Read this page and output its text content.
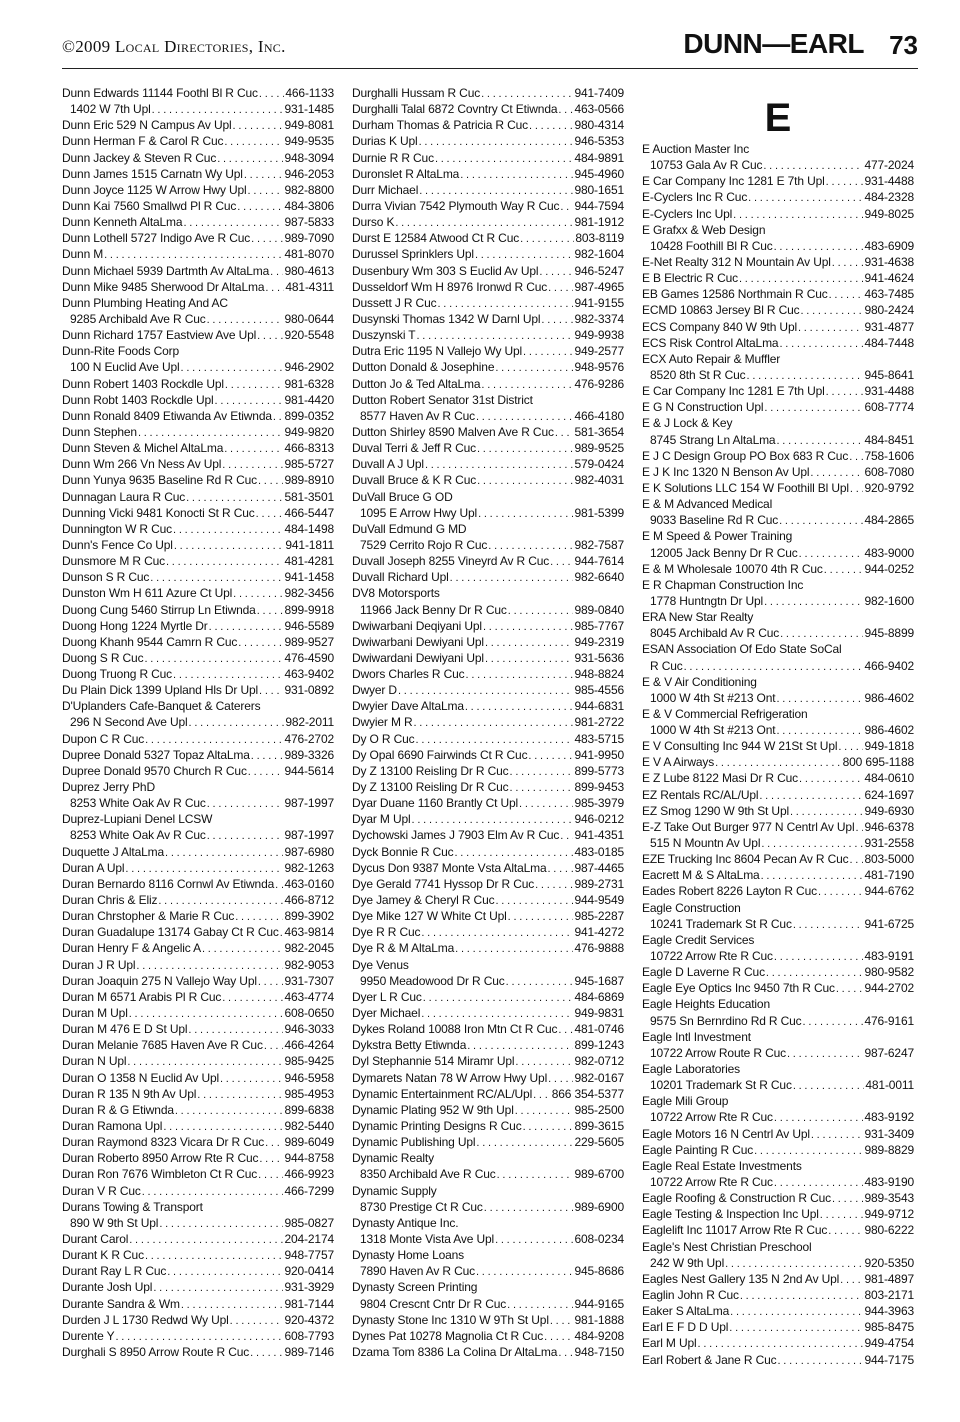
©2009 Local Directories, Inc.	DUNN—EARL 73
Dunn Edwards 11144 Foothl Bl R Cuc . . . 466-1133
1402 W 7th Upl . . .	931-1485
Dunn Eric 529 N Campus Av Upl . . .	949-8081
Dunn Herman F & Carol R Cuc . . .	949-9535
Dunn Jackey & Steven R Cuc . . .	948-3094
Dunn James 1515 Carnatn Wy Upl . . .	946-2053
Dunn Joyce 1125 W Arrow Hwy Upl . . .	982-8800
Dunn Kai 7560 Smallwd Pl R Cuc . . .	484-3806
Dunn Kenneth AltaLma . . .	987-5833
Dunn Lothell 5727 Indigo Ave R Cuc . . .	989-7090
Dunn M . . .	481-8070
Dunn Michael 5939 Dartmth Av AltaLma . . . 980-4613
Dunn Mike 9485 Sherwood Dr AltaLma . . . 481-4311
Dunn Plumbing Heating And AC
9285 Archibald Ave R Cuc . . .	980-0644
Dunn Richard 1757 Eastview Ave Upl . . . 920-5548
Dunn-Rite Foods Corp
100 N Euclid Ave Upl . . .	946-2902
Dunn Robert 1403 Rockdle Upl . . .	981-6328
Dunn Robt 1403 Rockdle Upl . . .	981-4420
Dunn Ronald 8409 Etiwanda Av Etiwnda . . . 899-0352
Dunn Stephen . . .	949-9820
Dunn Steven & Michel AltaLma . . .	466-8313
Dunn Wm 266 Vn Ness Av Upl . . .	985-5727
Dunn Yunya 9635 Baseline Rd R Cuc . . . 989-8910
Dunnagan Laura R Cuc . . .	581-3501
Dunning Vicki 9481 Konocti St R Cuc . . . 466-5447
Dunnington W R Cuc . . .	484-1498
Dunn's Fence Co Upl . . .	941-1811
Dunsmore M R Cuc . . .	481-4281
Dunson S R Cuc . . .	941-1458
Dunston Wm H 611 Azure Ct Upl . . .	982-3456
Duong Cung 5460 Stirrup Ln Etiwnda . . . 899-9918
Duong Hong 1224 Myrtle Dr . . .	946-5589
Duong Khanh 9544 Camrn R Cuc . . .	989-9527
Duong S R Cuc . . .	476-4590
Duong Truong R Cuc . . .	463-9402
Du Plain Dick 1399 Upland Hls Dr Upl . . . 931-0892
D'Uplanders Cafe-Banquet & Caterers
296 N Second Ave Upl . . .	982-2011
Dupon C R Cuc . . .	476-2702
Dupree Donald 5327 Topaz AltaLma . . .	989-3326
Dupree Donald 9570 Church R Cuc . . .	944-5614
Duprez Jerry PhD
8253 White Oak Av R Cuc . . .	987-1997
Duprez-Lupiani Denel LCSW
8253 White Oak Av R Cuc . . .	987-1997
Duquette J AltaLma . . .	987-6980
Duran A Upl . . .	982-1263
Duran Bernardo 8116 Cornwl Av Etiwnda . . . 463-0160
Duran Chris & Eliz . . .	466-8712
Duran Chrstopher & Marie R Cuc . . .	899-3902
Duran Guadalupe 13174 Gabay Ct R Cuc . . . 463-9814
Duran Henry F & Angelic A . . .	982-2045
Duran J R Upl . . .	982-9053
Duran Joaquin 275 N Vallejo Way Upl . . . 931-7307
Duran M 6571 Arabis Pl R Cuc . . .	463-4774
Duran M Upl . . .	608-0650
Duran M 476 E D St Upl . . .	946-3033
Duran Melanie 7685 Haven Ave R Cuc . . . 466-4264
Duran N Upl . . .	985-9425
Duran O 1358 N Euclid Av Upl . . .	946-5958
Duran R 135 N 9th Av Upl . . .	985-4953
Duran R & G Etiwnda . . .	899-6838
Duran Ramona Upl . . .	982-5440
Duran Raymond 8323 Vicara Dr R Cuc . . . 989-6049
Duran Roberto 8950 Arrow Rte R Cuc . . . 944-8758
Duran Ron 7676 Wimbleton Ct R Cuc . . . 466-9923
Duran V R Cuc . . .	466-7299
Durans Towing & Transport
890 W 9th St Upl . . .	985-0827
Durant Carol . . .	204-2174
Durant K R Cuc . . .	948-7757
Durant Ray L R Cuc . . .	920-0414
Durante Josh Upl . . .	931-3929
Durante Sandra & Wm . . .	981-7144
Durden J L 1730 Redwd Wy Upl . . .	920-4372
Durente Y . . .	608-7793
Durghali S 8950 Arrow Route R Cuc . . .	989-7146
Durghalli Hussam R Cuc . . .	941-7409
Durghalli Talal 6872 Covntry Ct Etiwnda . . . 463-0566
Durham Thomas & Patricia R Cuc . . .	980-4314
Durias K Upl . . .	946-5353
Durnie R R Cuc . . .	484-9891
Duronslet R AltaLma . . .	945-4960
Durr Michael . . .	980-1651
Durra Vivian 7542 Plymouth Way R Cuc . . . 944-7594
Durso K . . .	981-1912
Durst E 12584 Atwood Ct R Cuc . . .	803-8119
Durussel Sprinklers Upl . . .	982-1604
Dusenbury Wm 303 S Euclid Av Upl . . .	946-5247
Dusseldorf Wm H 8976 Ironwd R Cuc . . . 987-4965
Dussett J R Cuc . . .	941-9155
Dusynski Thomas 1342 W Darnl Upl . . .	982-3374
Duszynski T . . .	949-9938
Dutra Eric 1195 N Vallejo Wy Upl . . .	949-2577
Dutton Donald & Josephine . . .	948-9576
Dutton Jo & Ted AltaLma . . .	476-9286
Dutton Robert Senator 31st District
8577 Haven Av R Cuc . . .	466-4180
Dutton Shirley 8590 Malven Ave R Cuc . . . 581-3654
Duval Terri & Jeff R Cuc . . .	989-9525
Duvall A J Upl . . .	579-0424
Duvall Bruce & K R Cuc . . .	982-4031
DuVall Bruce G OD
1095 E Arrow Hwy Upl . . .	981-5399
DuVall Edmund G MD
7529 Cerrito Rojo R Cuc . . .	982-7587
Duvall Joseph 8255 Vineyrd Av R Cuc . . . 944-7614
Duvall Richard Upl . . .	982-6640
DV8 Motorsports
11966 Jack Benny Dr R Cuc . . .	989-0840
Dwiwarbani Deqiyani Upl . . .	985-7767
Dwiwarbani Dewiyani Upl . . .	949-2319
Dwiwardani Dewiyani Upl . . .	931-5636
Dwors Charles R Cuc . . .	948-8824
Dwyer D . . .	985-4556
Dwyier Dave AltaLma . . .	944-6831
Dwyier M R . . .	981-2722
Dy O R Cuc . . .	483-5715
Dy Opal 6690 Fairwinds Ct R Cuc . . .	941-9950
Dy Z 13100 Reisling Dr R Cuc . . .	899-5773
Dy Z 13100 Reisling Dr R Cuc . . .	899-9453
Dyar Duane 1160 Brantly Ct Upl . . .	985-3979
Dyar M Upl . . .	946-0212
Dychowski James J 7903 Elm Av R Cuc . . . 941-4351
Dyck Bonnie R Cuc . . .	483-0185
Dycus Don 9387 Monte Vsta AltaLma . . . 987-4465
Dye Gerald 7741 Hyssop Dr R Cuc . . .	989-2731
Dye Jamey & Cheryl R Cuc . . .	944-9549
Dye Mike 127 W White Ct Upl . . .	985-2287
Dye R R Cuc . . .	941-4272
Dye R & M AltaLma . . .	476-9888
Dye Venus
9950 Meadowood Dr R Cuc . . .	945-1687
Dyer L R Cuc . . .	484-6869
Dyer Michael . . .	949-9831
Dykes Roland 10088 Iron Mtn Ct R Cuc . . . 481-0746
Dykstra Betty Etiwnda . . .	899-1243
Dyl Stephannie 514 Miramr Upl . . .	982-0712
Dymarets Natan 78 W Arrow Hwy Upl . . . 982-0167
Dynamic Entertainment RC/AL/Upl . . . 866 354-5377
Dynamic Plating 952 W 9th Upl . . .	985-2500
Dynamic Printing Designs R Cuc . . .	899-3615
Dynamic Publishing Upl . . .	229-5605
Dynamic Realty
8350 Archibald Ave R Cuc . . .	989-6700
Dynamic Supply
8730 Prestige Ct R Cuc . . .	989-6900
Dynasty Antique Inc.
1318 Monte Vista Ave Upl . . .	608-0234
Dynasty Home Loans
7890 Haven Av R Cuc . . .	945-8686
Dynasty Screen Printing
9804 Crescnt Cntr Dr R Cuc . . .	944-9165
Dynasty Stone Inc 1310 W 9Th St Upl . . . 981-1888
Dynes Pat 10278 Magnolia Ct R Cuc . . .	484-9208
Dzama Tom 8386 La Colina Dr AltaLma . . . 948-7150
E
E Auction Master Inc
10753 Gala Av R Cuc . . .	477-2024
E Car Company Inc 1281 E 7th Upl . . .	931-4488
E-Cyclers Inc R Cuc . . .	484-2328
E-Cyclers Inc Upl . . .	949-8025
E Grafxx & Web Design
10428 Foothill Bl R Cuc . . .	483-6909
E-Net Realty 312 N Mountain Av Upl . . .	931-4638
E B Electric R Cuc . . .	941-4624
EB Games 12586 Northmain R Cuc . . .	463-7485
ECMD 10863 Jersey Bl R Cuc . . .	980-2424
ECS Company 840 W 9th Upl . . .	931-4877
ECS Risk Control AltaLma . . .	484-7448
ECX Auto Repair & Muffler
8520 8th St R Cuc . . .	945-8641
E Car Company Inc 1281 E 7th Upl . . .	931-4488
E G N Construction Upl . . .	608-7774
E & J Lock & Key
8745 Strang Ln AltaLma . . .	484-8451
E J C Design Group PO Box 683 R Cuc . . . 758-1606
E J K Inc 1320 N Benson Av Upl . . .	608-7080
E K Solutions LLC 154 W Foothill Bl Upl . . . 920-9792
E & M Advanced Medical
9033 Baseline Rd R Cuc . . .	484-2865
E M Speed & Power Training
12005 Jack Benny Dr R Cuc . . .	483-9000
E & M Wholesale 10070 4th R Cuc . . .	944-0252
E R Chapman Construction Inc
1778 Huntngtn Dr Upl . . .	982-1600
ERA New Star Realty
8045 Archibald Av R Cuc . . .	945-8899
ESAN Association Of Edo State SoCal
R Cuc . . .	466-9402
E & V Air Conditioning
1000 W 4th St #213 Ont . . .	986-4602
E & V Commercial Refrigeration
1000 W 4th St #213 Ont . . .	986-4602
E V Consulting Inc 944 W 21St St Upl . . . 949-1818
E V A Airways . . .	800 695-1188
E Z Lube 8122 Masi Dr R Cuc . . .	484-0610
EZ Rentals RC/AL/Upl . . .	624-1697
EZ Smog 1290 W 9th St Upl . . .	949-6930
E-Z Take Out Burger 977 N Centrl Av Upl . . . 946-6378
515 N Mountn Av Upl . . .	931-2558
EZE Trucking Inc 8604 Pecan Av R Cuc . . . 803-5000
Eacrett M & S AltaLma . . .	481-7190
Eades Robert 8226 Layton R Cuc . . .	944-6762
Eagle Construction
10241 Trademark St R Cuc . . .	941-6725
Eagle Credit Services
10722 Arrow Rte R Cuc . . .	483-9191
Eagle D Laverne R Cuc . . .	980-9582
Eagle Eye Optics Inc 9450 7th R Cuc . . . 944-2702
Eagle Heights Education
9575 Sn Bernrdino Rd R Cuc . . .	476-9161
Eagle Intl Investment
10722 Arrow Route R Cuc . . .	987-6247
Eagle Laboratories
10201 Trademark St R Cuc . . .	481-0011
Eagle Mili Group
10722 Arrow Rte R Cuc . . .	483-9192
Eagle Motors 16 N Centrl Av Upl . . .	931-3409
Eagle Painting R Cuc . . .	989-8829
Eagle Real Estate Investments
10722 Arrow Rte R Cuc . . .	483-9190
Eagle Roofing & Construction R Cuc . . .	989-3543
Eagle Testing & Inspection Inc Upl . . .	949-9712
Eaglelift Inc 11017 Arrow Rte R Cuc . . .	980-6222
Eagle's Nest Christian Preschool
242 W 9th Upl . . .	920-5350
Eagles Nest Gallery 135 N 2nd Av Upl . . . 981-4897
Eaglin John R Cuc . . .	803-2171
Eaker S AltaLma . . .	944-3963
Earl E F D D Upl . . .	985-8475
Earl M Upl . . .	949-4754
Earl Robert & Jane R Cuc . . .	944-7175
